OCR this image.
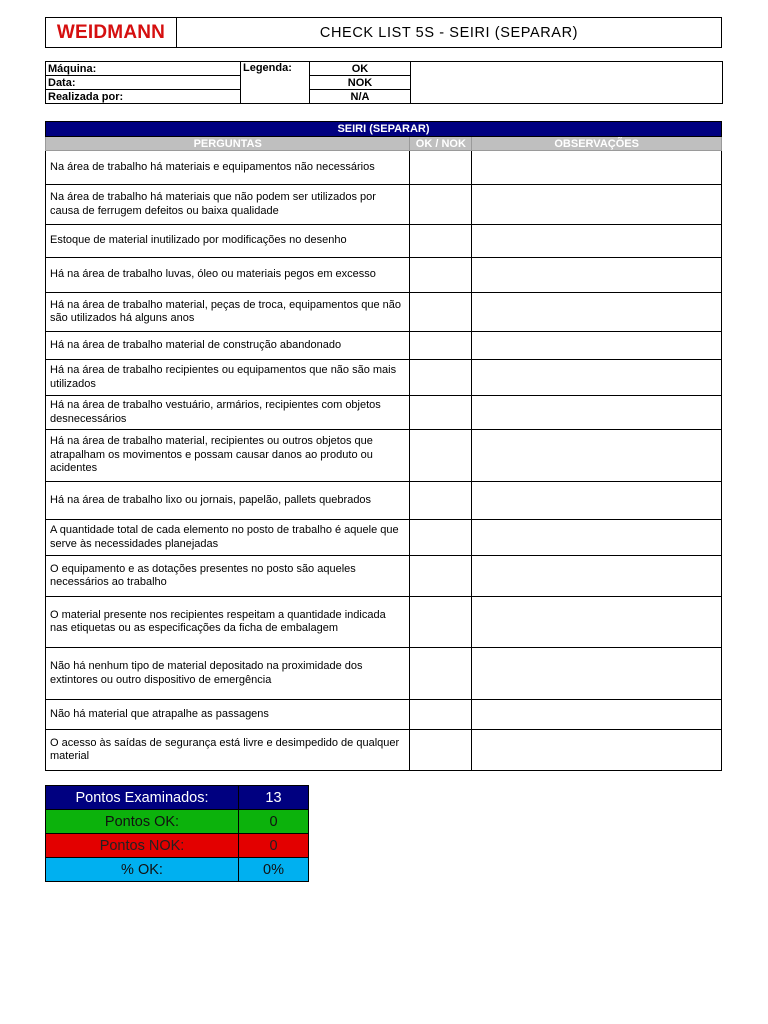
WEIDMANN	CHECK LIST 5S - SEIRI (SEPARAR)
Máquina:	Legenda:	OK	
Data:		NOK	
Realizada por:		N/A	
SEIRI (SEPARAR)		
PERGUNTAS	OK / NOK	OBSERVAÇÕES
Na área de trabalho há materiais e equipamentos não necessários		
Na área de trabalho há materiais que não podem ser utilizados por causa de ferrugem defeitos ou baixa qualidade		
Estoque de material inutilizado por modificações no desenho		
Há na área de trabalho luvas, óleo ou materiais pegos em excesso		
Há na área de trabalho material, peças de troca, equipamentos que não são utilizados há alguns anos		
Há na área de trabalho material de construção abandonado		
Há na área de trabalho recipientes ou equipamentos que não são mais utilizados		
Há na área de trabalho vestuário, armários, recipientes com objetos desnecessários		
Há na área de trabalho material, recipientes ou outros objetos que atrapalham os movimentos e possam causar danos ao produto ou acidentes		
Há na área de trabalho lixo ou jornais, papelão, pallets quebrados		
A quantidade total de cada elemento no posto de trabalho é aquele que serve às necessidades planejadas		
O equipamento e as dotações presentes no posto são aqueles necessários ao trabalho		
O material presente nos recipientes respeitam a quantidade indicada nas etiquetas ou as especificações da ficha de embalagem		
Não há nenhum tipo de material depositado na proximidade dos extintores ou outro dispositivo de emergência		
Não há material que atrapalhe as passagens		
O acesso às saídas de segurança está livre e desimpedido de qualquer material		
Pontos Examinados:	13
Pontos OK:	0
Pontos NOK:	0
% OK:	0%
